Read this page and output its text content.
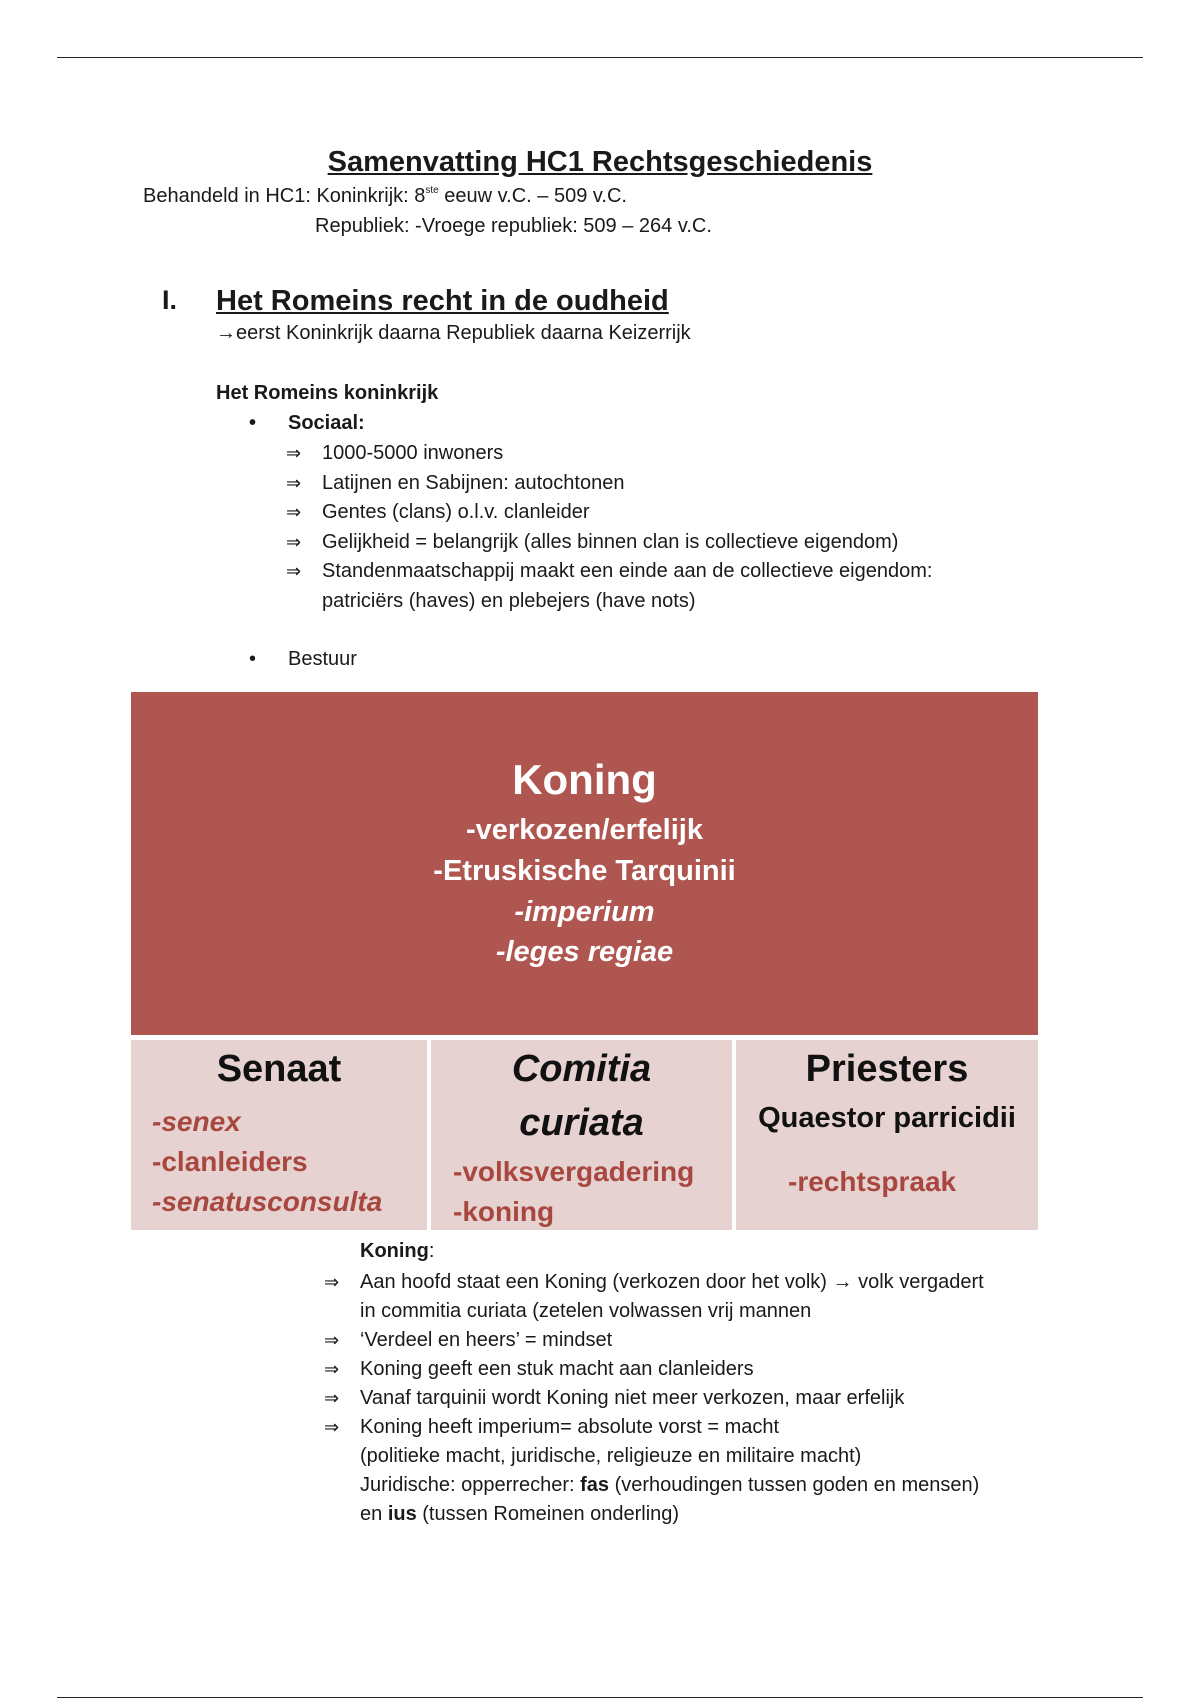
Samenvatting HC1 Rechtsgeschiedenis
Behandeld in HC1: Koninkrijk: 8ste eeuw v.C. – 509 v.C.
Republiek: -Vroege republiek: 509 – 264 v.C.
I. Het Romeins recht in de oudheid
→eerst Koninkrijk daarna Republiek daarna Keizerrijk
Het Romeins koninkrijk
• Sociaal:
⇒ 1000-5000 inwoners
⇒ Latijnen en Sabijnen: autochtonen
⇒ Gentes (clans) o.l.v. clanleider
⇒ Gelijkheid = belangrijk (alles binnen clan is collectieve eigendom)
⇒ Standenmaatschappij maakt een einde aan de collectieve eigendom:
patriciërs (haves) en plebejers (have nots)
• Bestuur
Koning
-verkozen/erfelijk
-Etruskische Tarquinii
-imperium
-leges regiae
Senaat
-senex
-clanleiders
-senatusconsulta
Comitia
curiata
-volksvergadering
-koning
Priesters
Quaestor parricidii
-rechtspraak
Koning:
⇒ Aan hoofd staat een Koning (verkozen door het volk) → volk vergadert
in commitia curiata (zetelen volwassen vrij mannen
⇒ ‘Verdeel en heers’ = mindset
⇒ Koning geeft een stuk macht aan clanleiders
⇒ Vanaf tarquinii wordt Koning niet meer verkozen, maar erfelijk
⇒ Koning heeft imperium= absolute vorst = macht
(politieke macht, juridische, religieuze en militaire macht)
Juridische: opperrecher: fas (verhoudingen tussen goden en mensen)
en ius (tussen Romeinen onderling)
